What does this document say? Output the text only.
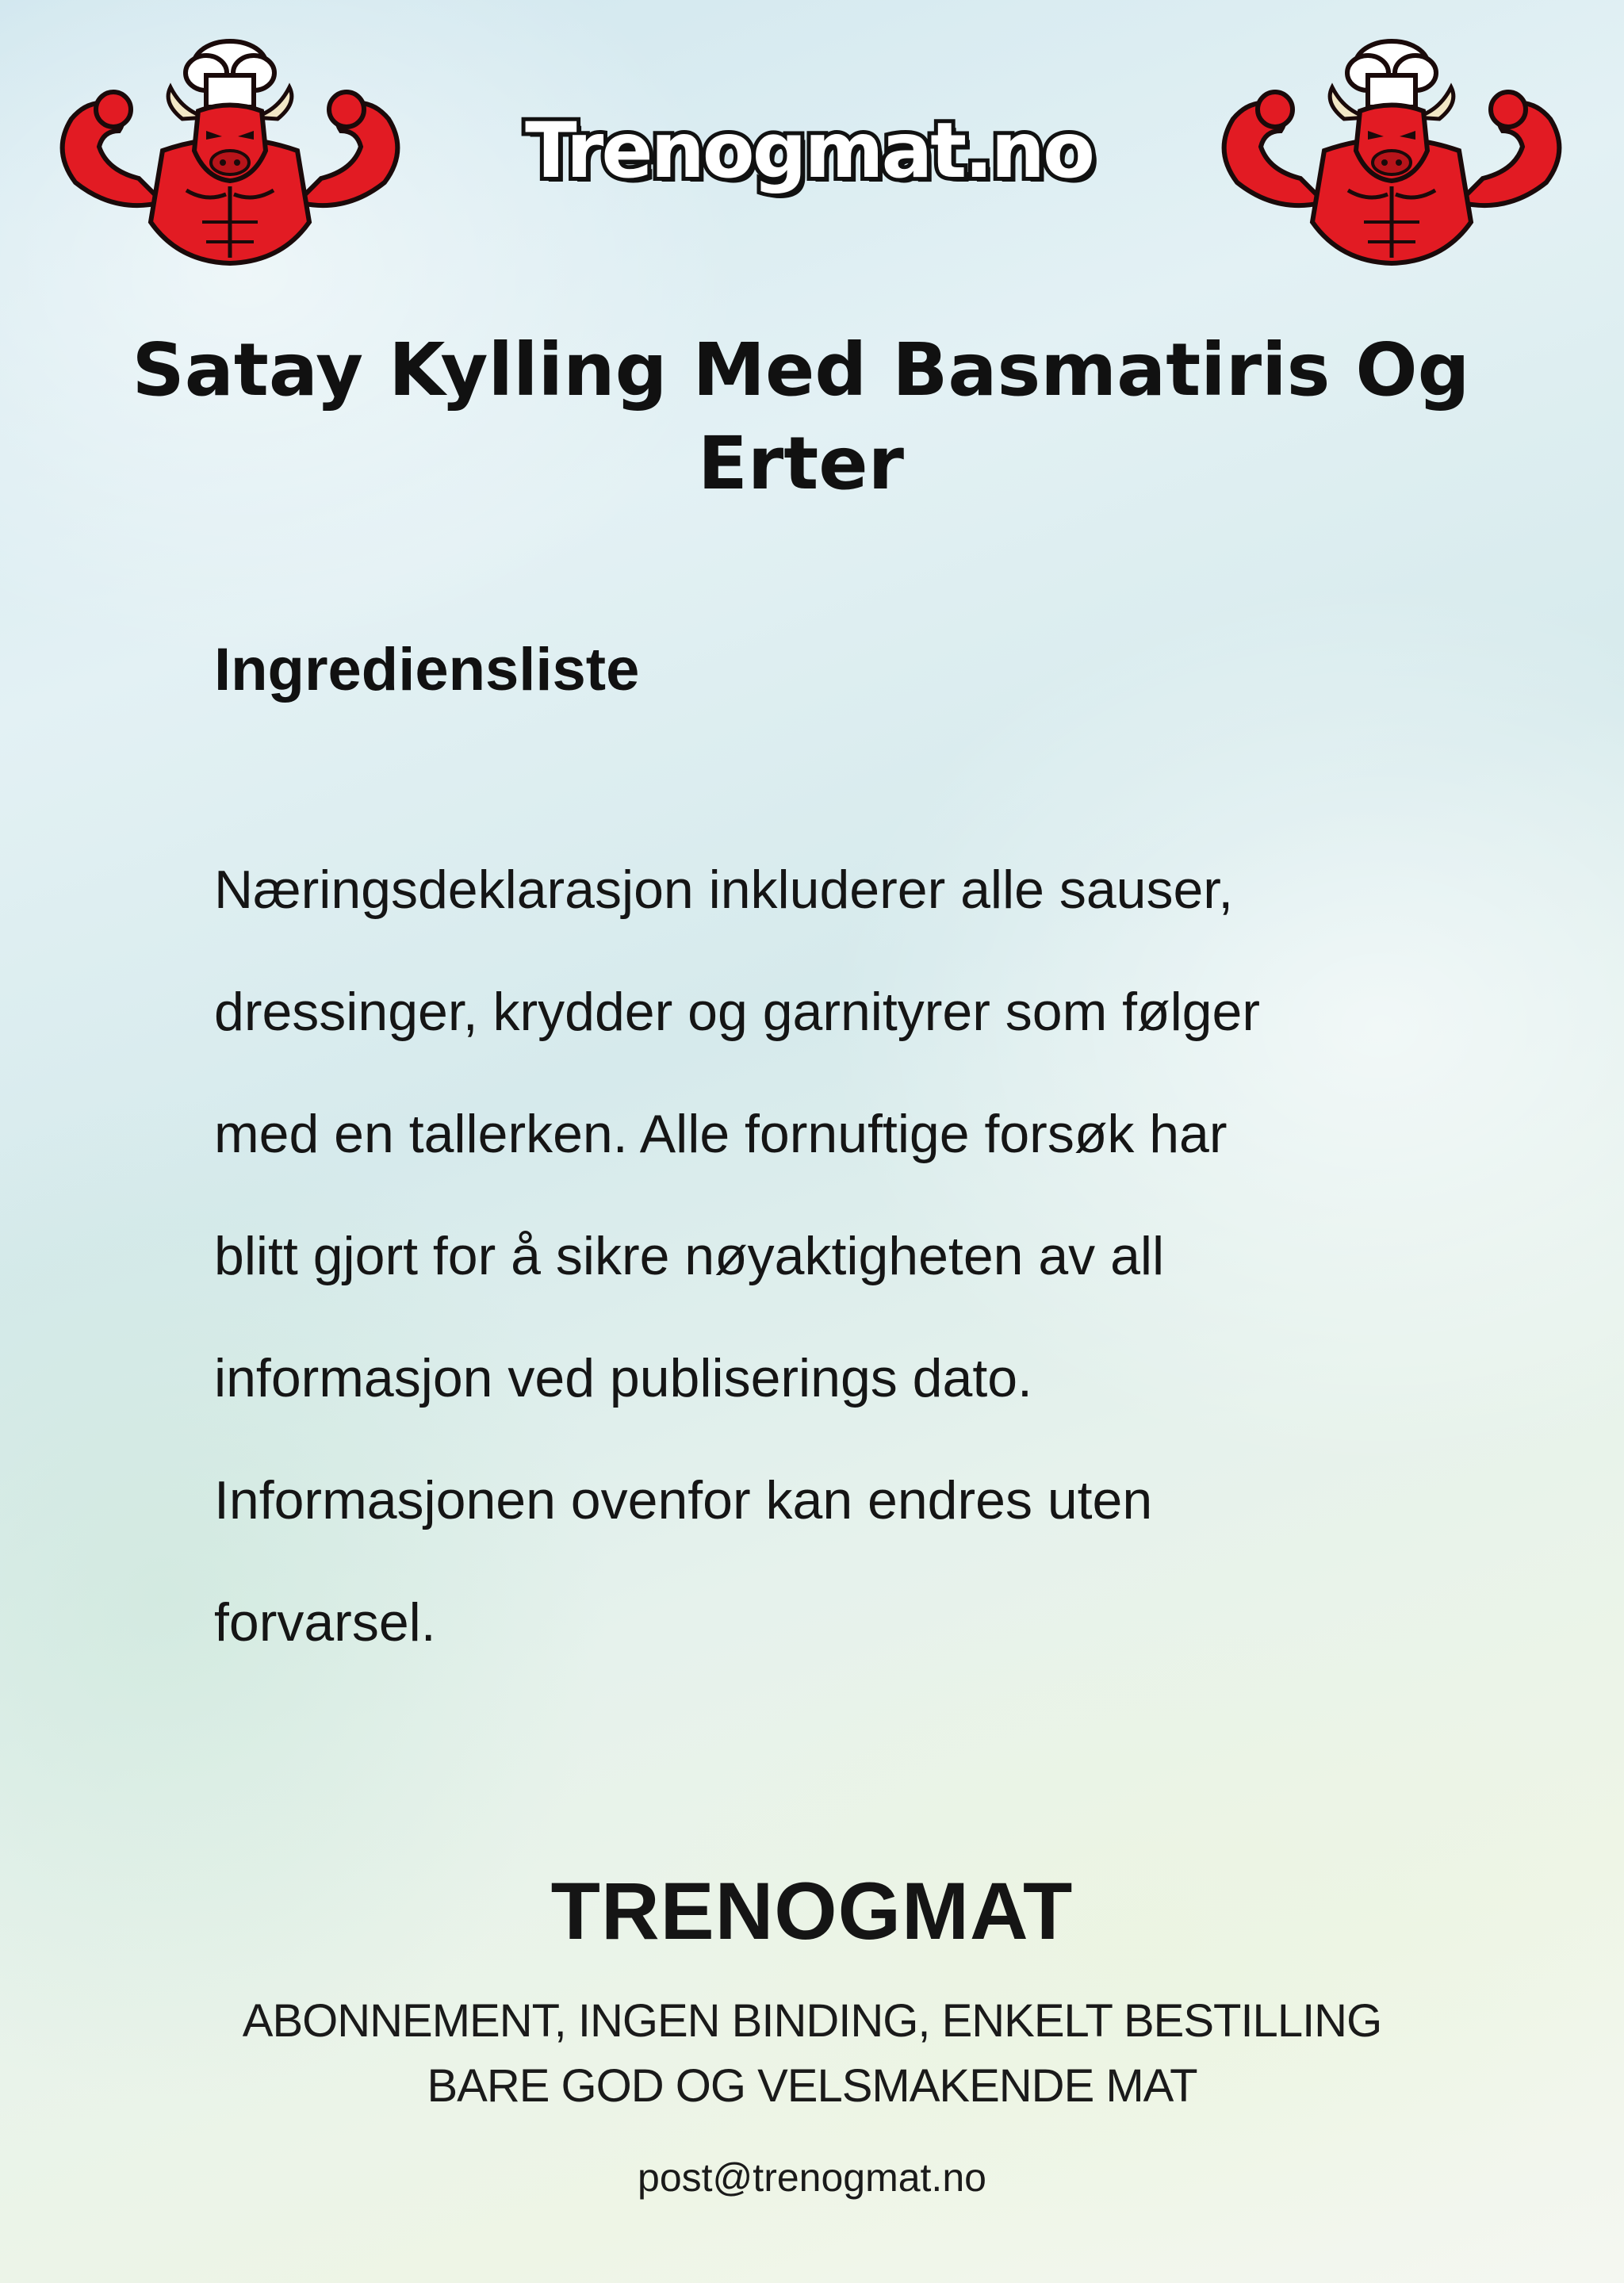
Trenogmat.no
Satay Kylling Med Basmatiris Og
Erter
Ingrediensliste

Næringsdeklarasjon inkluderer alle sauser,
dressinger, krydder og garnityrer som følger
med en tallerken. Alle fornuftige forsøk har
blitt gjort for å sikre nøyaktigheten av all
informasjon ved publiserings dato.
Informasjonen ovenfor kan endres uten
forvarsel.

TRENOGMAT
ABONNEMENT, INGEN BINDING, ENKELT BESTILLING
BARE GOD OG VELSMAKENDE MAT
post@trenogmat.no
